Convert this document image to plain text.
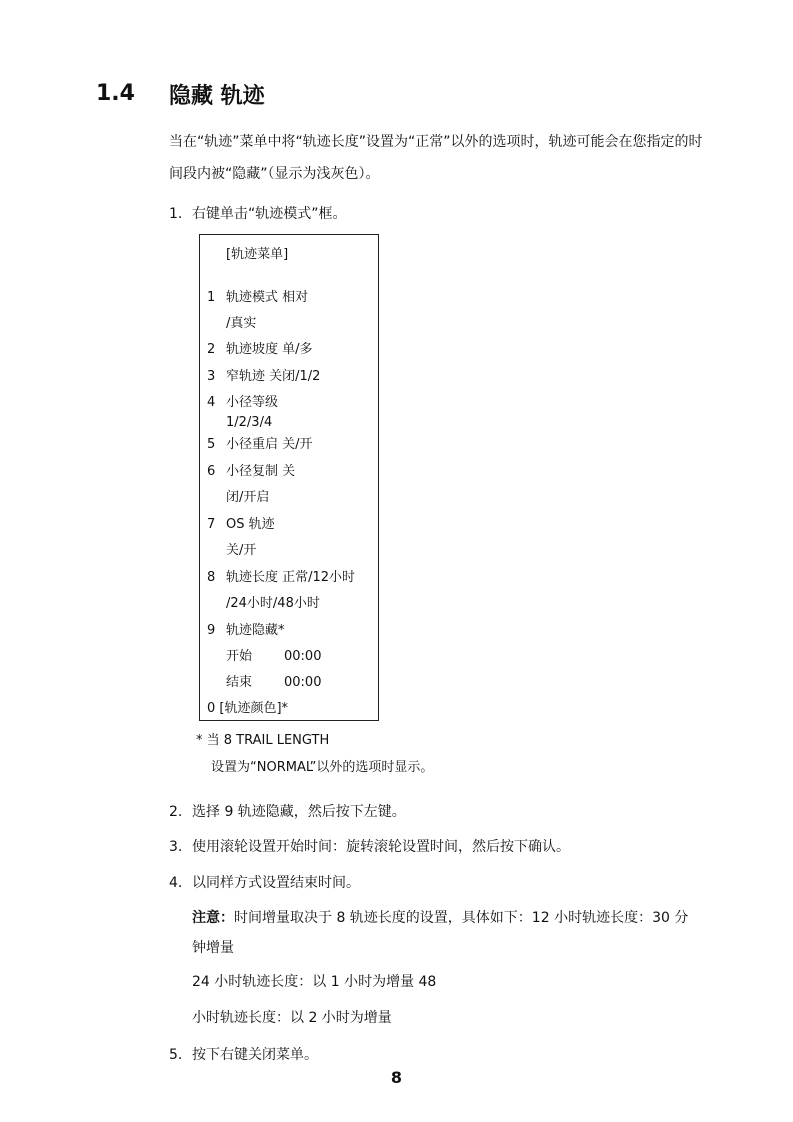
1.4 隐藏 轨迹
当在“轨迹”菜单中将“轨迹长度”设置为“正常”以外的选项时，轨迹可能会在您指定的时
间段内被“隐藏”（显示为浅灰色）。
1. 右键单击“轨迹模式”框。
[轨迹菜单]
1 轨迹模式 相对
/真实
2 轨迹坡度 单/多
3 窄轨迹 关闭/1/2
4 小径等级
1/2/3/4
5 小径重启 关/开
6 小径复制 关
闭/开启
7 OS 轨迹
关/开
8 轨迹长度 正常/12小时
/24小时/48小时
9 轨迹隐藏*
开始 00:00
结束 00:00
0 [轨迹颜色]*
* 当 8 TRAIL LENGTH
设置为“NORMAL”以外的选项时显示。
2. 选择 9 轨迹隐藏，然后按下左键。
3. 使用滚轮设置开始时间：旋转滚轮设置时间，然后按下确认。
4. 以同样方式设置结束时间。
注意：时间增量取决于 8 轨迹长度的设置，具体如下：12 小时轨迹长度：30 分
钟增量
24 小时轨迹长度：以 1 小时为增量 48
小时轨迹长度：以 2 小时为增量
5. 按下右键关闭菜单。
8
